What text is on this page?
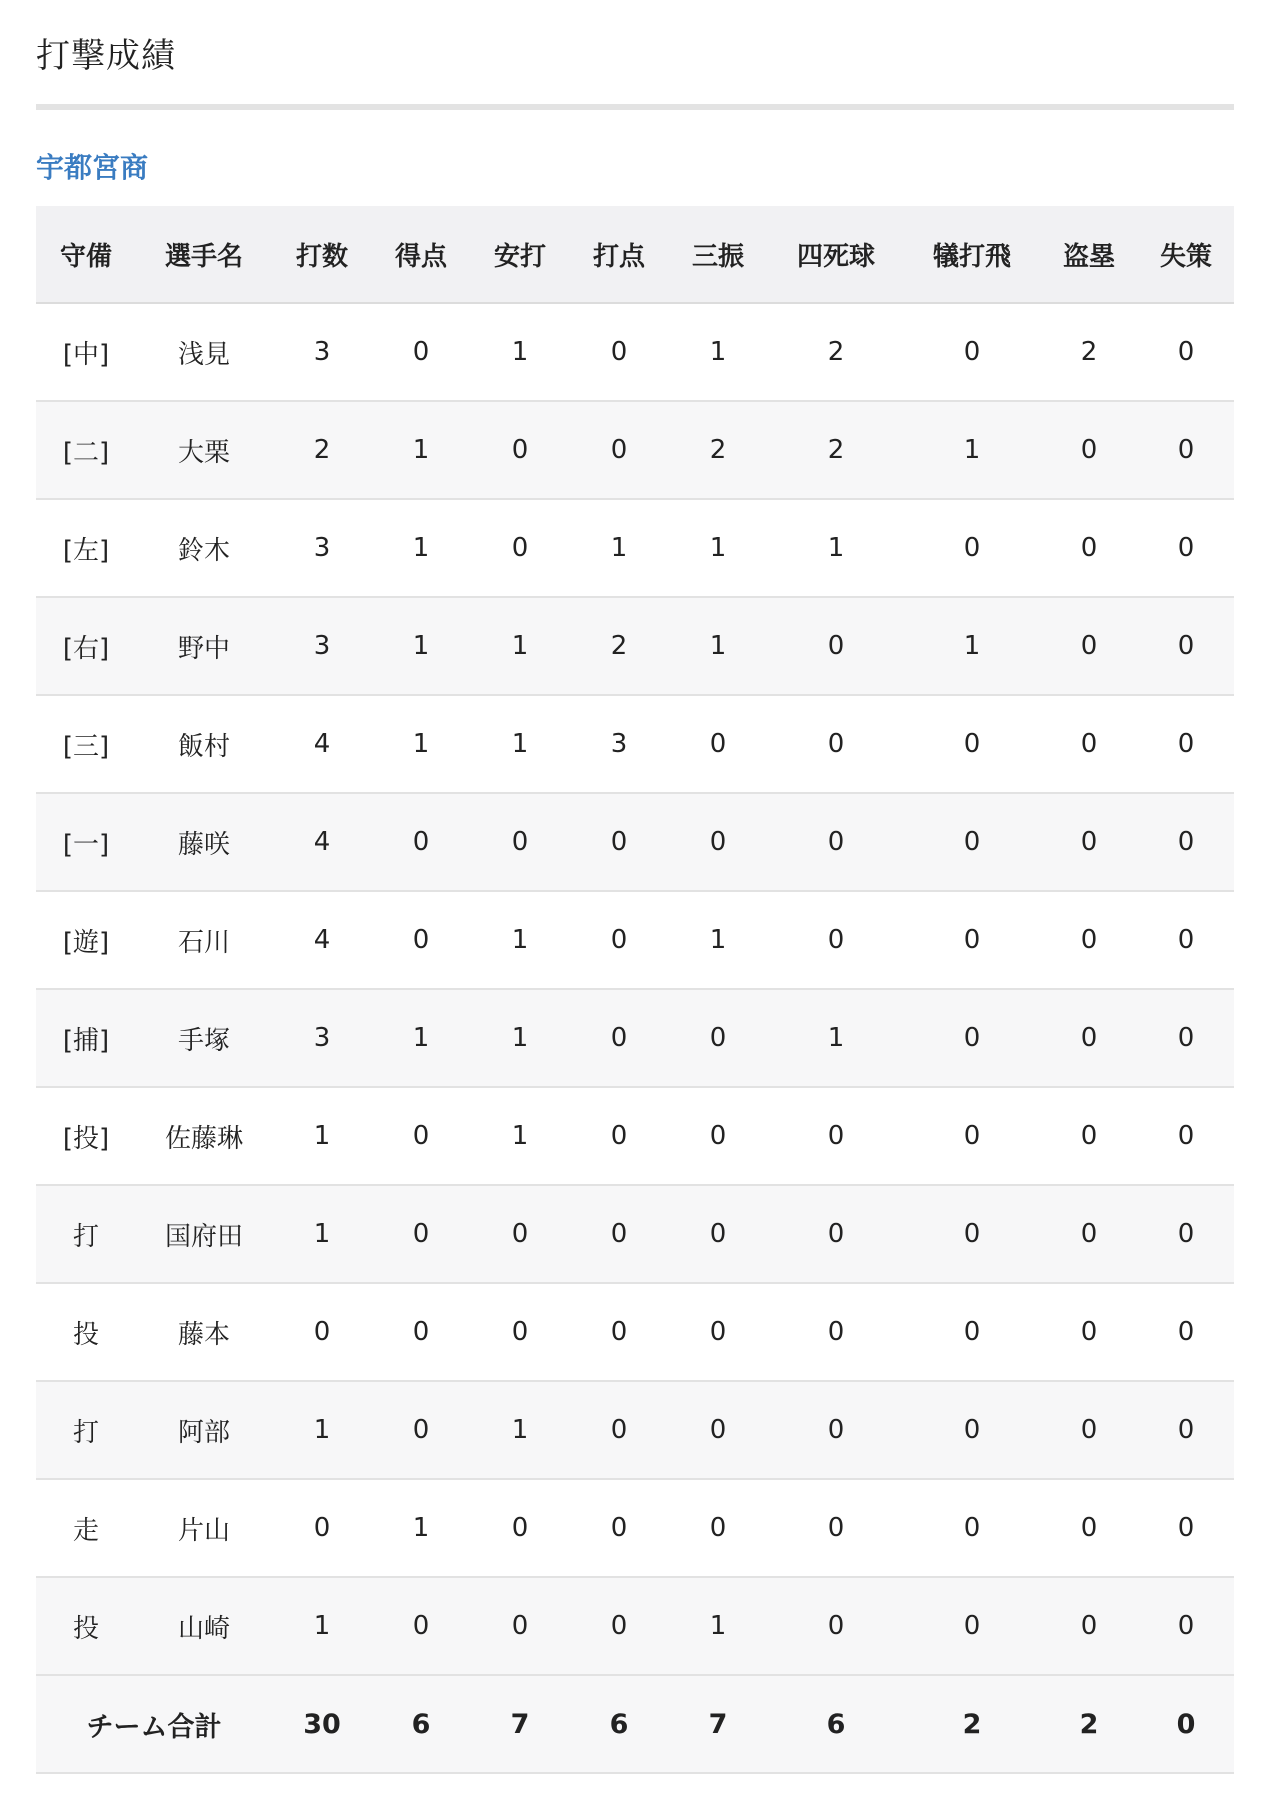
打撃成績
宇都宮商
守備	選手名	打数	得点	安打	打点	三振	四死球	犠打飛	盗塁	失策
[中]	浅見	3	0	1	0	1	2	0	2	0
[二]	大栗	2	1	0	0	2	2	1	0	0
[左]	鈴木	3	1	0	1	1	1	0	0	0
[右]	野中	3	1	1	2	1	0	1	0	0
[三]	飯村	4	1	1	3	0	0	0	0	0
[一]	藤咲	4	0	0	0	0	0	0	0	0
[遊]	石川	4	0	1	0	1	0	0	0	0
[捕]	手塚	3	1	1	0	0	1	0	0	0
[投]	佐藤琳	1	0	1	0	0	0	0	0	0
打	国府田	1	0	0	0	0	0	0	0	0
投	藤本	0	0	0	0	0	0	0	0	0
打	阿部	1	0	1	0	0	0	0	0	0
走	片山	0	1	0	0	0	0	0	0	0
投	山崎	1	0	0	0	1	0	0	0	0
チーム合計		30	6	7	6	7	6	2	2	0
